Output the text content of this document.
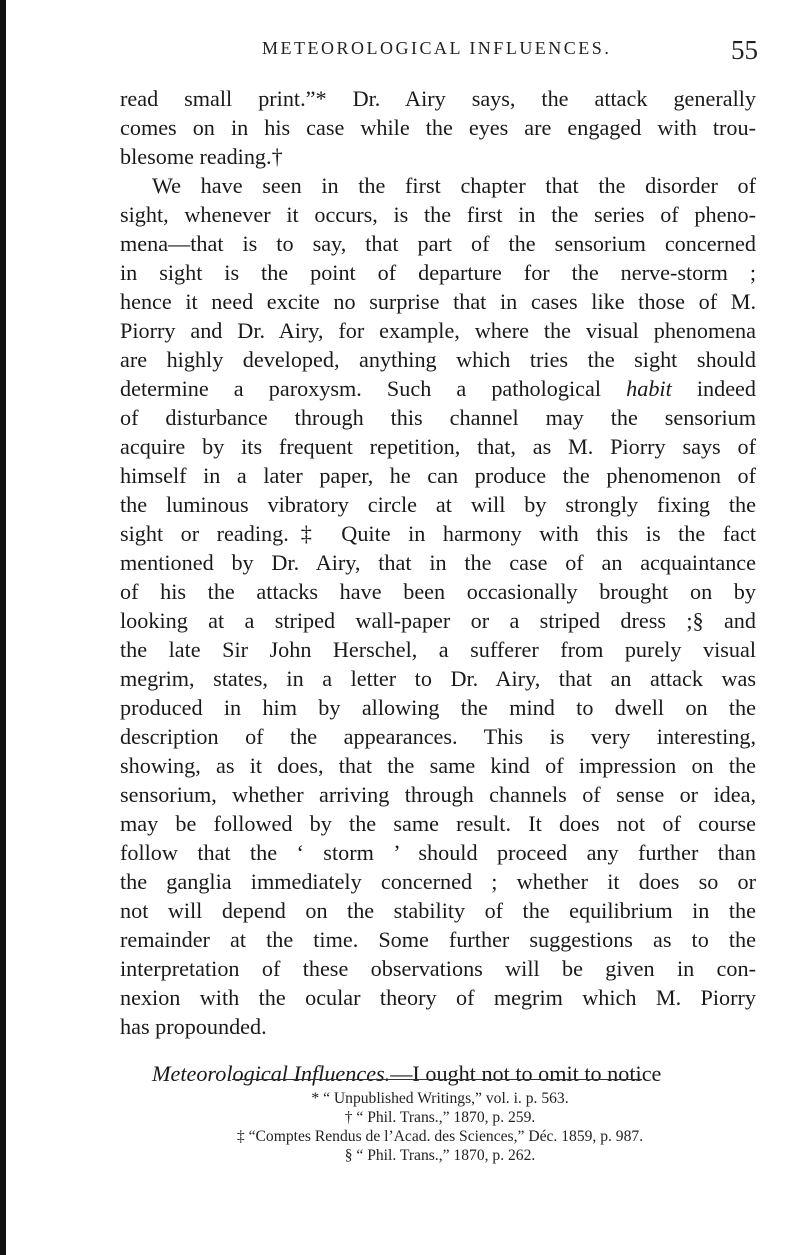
METEOROLOGICAL INFLUENCES.	55
read small print.”* Dr. Airy says, the attack generally
comes on in his case while the eyes are engaged with trou-
blesome reading.†
We have seen in the first chapter that the disorder of
sight, whenever it occurs, is the first in the series of pheno-
mena—that is to say, that part of the sensorium concerned
in sight is the point of departure for the nerve-storm ;
hence it need excite no surprise that in cases like those of M.
Piorry and Dr. Airy, for example, where the visual phenomena
are highly developed, anything which tries the sight should
determine a paroxysm. Such a pathological habit indeed
of disturbance through this channel may the sensorium
acquire by its frequent repetition, that, as M. Piorry says of
himself in a later paper, he can produce the phenomenon of
the luminous vibratory circle at will by strongly fixing the
sight or reading.‡ Quite in harmony with this is the fact
mentioned by Dr. Airy, that in the case of an acquaintance
of his the attacks have been occasionally brought on by
looking at a striped wall-paper or a striped dress ;§ and
the late Sir John Herschel, a sufferer from purely visual
megrim, states, in a letter to Dr. Airy, that an attack was
produced in him by allowing the mind to dwell on the
description of the appearances. This is very interesting,
showing, as it does, that the same kind of impression on the
sensorium, whether arriving through channels of sense or idea,
may be followed by the same result. It does not of course
follow that the ‘ storm ’ should proceed any further than
the ganglia immediately concerned ; whether it does so or
not will depend on the stability of the equilibrium in the
remainder at the time. Some further suggestions as to the
interpretation of these observations will be given in con-
nexion with the ocular theory of megrim which M. Piorry
has propounded.
Meteorological Influences.—I ought not to omit to notice
* “ Unpublished Writings,” vol. i. p. 563.
† “ Phil. Trans.,” 1870, p. 259.
‡ “Comptes Rendus de l’Acad. des Sciences,” Déc. 1859, p. 987.
§ “ Phil. Trans.,” 1870, p. 262.
